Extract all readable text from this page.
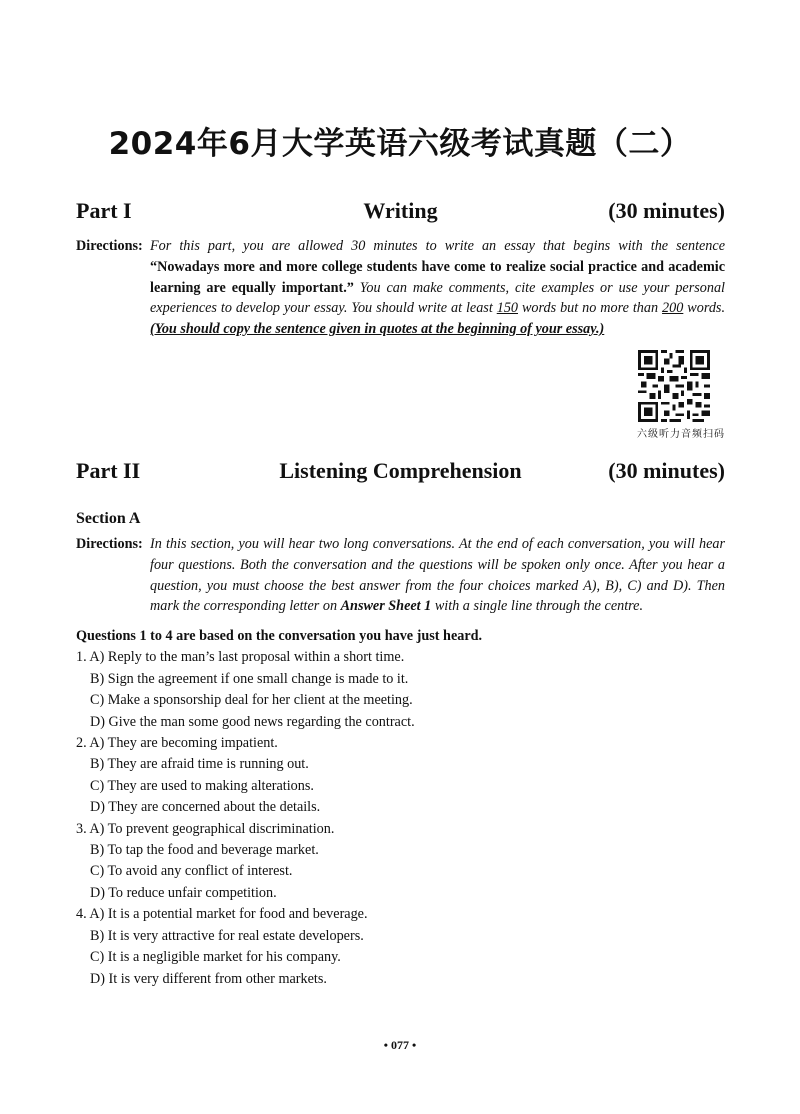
2024年6月大学英语六级考试真题（二）
Part I	Writing	(30 minutes)
Directions: For this part, you are allowed 30 minutes to write an essay that begins with the sentence “Nowadays more and more college students have come to realize social practice and academic learning are equally important.” You can make comments, cite examples or use your personal experiences to develop your essay. You should write at least 150 words but no more than 200 words. (You should copy the sentence given in quotes at the beginning of your essay.)
六级听力音频扫码
Part II	Listening Comprehension	(30 minutes)
Section A
Directions: In this section, you will hear two long conversations. At the end of each conversation, you will hear four questions. Both the conversation and the questions will be spoken only once. After you hear a question, you must choose the best answer from the four choices marked A), B), C) and D). Then mark the corresponding letter on Answer Sheet 1 with a single line through the centre.
Questions 1 to 4 are based on the conversation you have just heard.
1. A) Reply to the man’s last proposal within a short time.
B) Sign the agreement if one small change is made to it.
C) Make a sponsorship deal for her client at the meeting.
D) Give the man some good news regarding the contract.
2. A) They are becoming impatient.
B) They are afraid time is running out.
C) They are used to making alterations.
D) They are concerned about the details.
3. A) To prevent geographical discrimination.
B) To tap the food and beverage market.
C) To avoid any conflict of interest.
D) To reduce unfair competition.
4. A) It is a potential market for food and beverage.
B) It is very attractive for real estate developers.
C) It is a negligible market for his company.
D) It is very different from other markets.
• 077 •
